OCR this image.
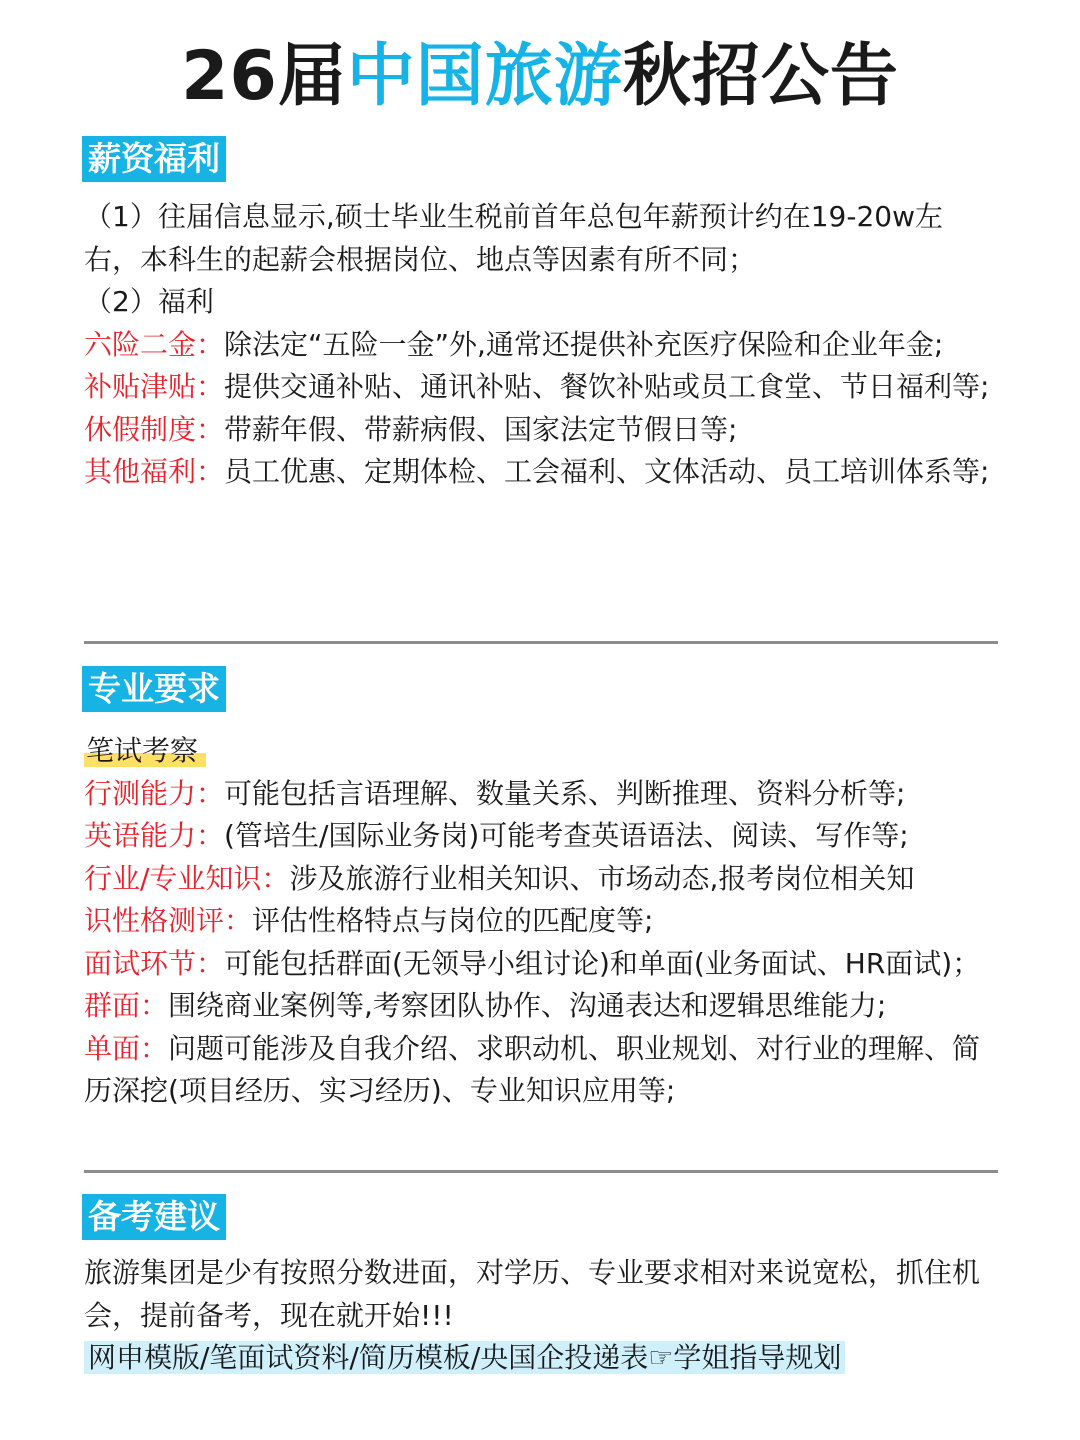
26届中国旅游秋招公告
薪资福利
（1）往届信息显示,硕士毕业生税前首年总包年薪预计约在19-20w左右，本科生的起薪会根据岗位、地点等因素有所不同；
（2）福利
六险二金：除法定“五险一金”外,通常还提供补充医疗保险和企业年金;
补贴津贴：提供交通补贴、通讯补贴、餐饮补贴或员工食堂、节日福利等;
休假制度：带薪年假、带薪病假、国家法定节假日等;
其他福利：员工优惠、定期体检、工会福利、文体活动、员工培训体系等;
专业要求
笔试考察
行测能力：可能包括言语理解、数量关系、判断推理、资料分析等;
英语能力：(管培生/国际业务岗)可能考查英语语法、阅读、写作等;
行业/专业知识：涉及旅游行业相关知识、市场动态,报考岗位相关知
识性格测评：评估性格特点与岗位的匹配度等;
面试环节：可能包括群面(无领导小组讨论)和单面(业务面试、HR面试)；
群面：围绕商业案例等,考察团队协作、沟通表达和逻辑思维能力;
单面：问题可能涉及自我介绍、求职动机、职业规划、对行业的理解、简历深挖(项目经历、实习经历)、专业知识应用等;
备考建议
旅游集团是少有按照分数进面，对学历、专业要求相对来说宽松，抓住机会，提前备考，现在就开始!!!
网申模版/笔面试资料/简历模板/央国企投递表☞学姐指导规划
